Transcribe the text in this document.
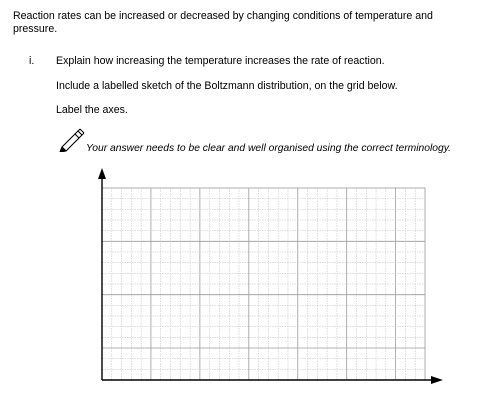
Reaction rates can be increased or decreased by changing conditions of temperature and pressure.
i. Explain how increasing the temperature increases the rate of reaction.
Include a labelled sketch of the Boltzmann distribution, on the grid below.
Label the axes.
Your answer needs to be clear and well organised using the correct terminology.
